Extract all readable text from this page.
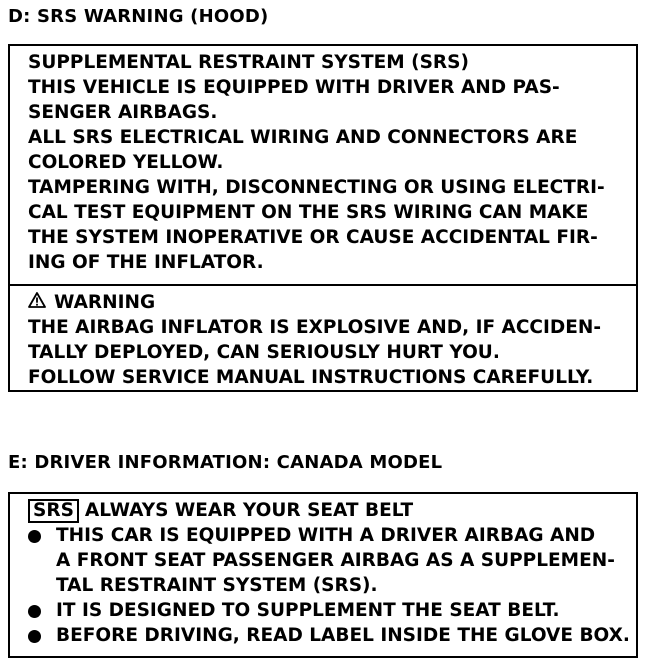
D: SRS WARNING (HOOD)
SUPPLEMENTAL RESTRAINT SYSTEM (SRS)
THIS VEHICLE IS EQUIPPED WITH DRIVER AND PAS-
SENGER AIRBAGS.
ALL SRS ELECTRICAL WIRING AND CONNECTORS ARE
COLORED YELLOW.
TAMPERING WITH, DISCONNECTING OR USING ELECTRI-
CAL TEST EQUIPMENT ON THE SRS WIRING CAN MAKE
THE SYSTEM INOPERATIVE OR CAUSE ACCIDENTAL FIR-
ING OF THE INFLATOR.
WARNING
THE AIRBAG INFLATOR IS EXPLOSIVE AND, IF ACCIDEN-
TALLY DEPLOYED, CAN SERIOUSLY HURT YOU.
FOLLOW SERVICE MANUAL INSTRUCTIONS CAREFULLY.
E: DRIVER INFORMATION: CANADA MODEL
SRS ALWAYS WEAR YOUR SEAT BELT
THIS CAR IS EQUIPPED WITH A DRIVER AIRBAG AND
A FRONT SEAT PASSENGER AIRBAG AS A SUPPLEMEN-
TAL RESTRAINT SYSTEM (SRS).
IT IS DESIGNED TO SUPPLEMENT THE SEAT BELT.
BEFORE DRIVING, READ LABEL INSIDE THE GLOVE BOX.
